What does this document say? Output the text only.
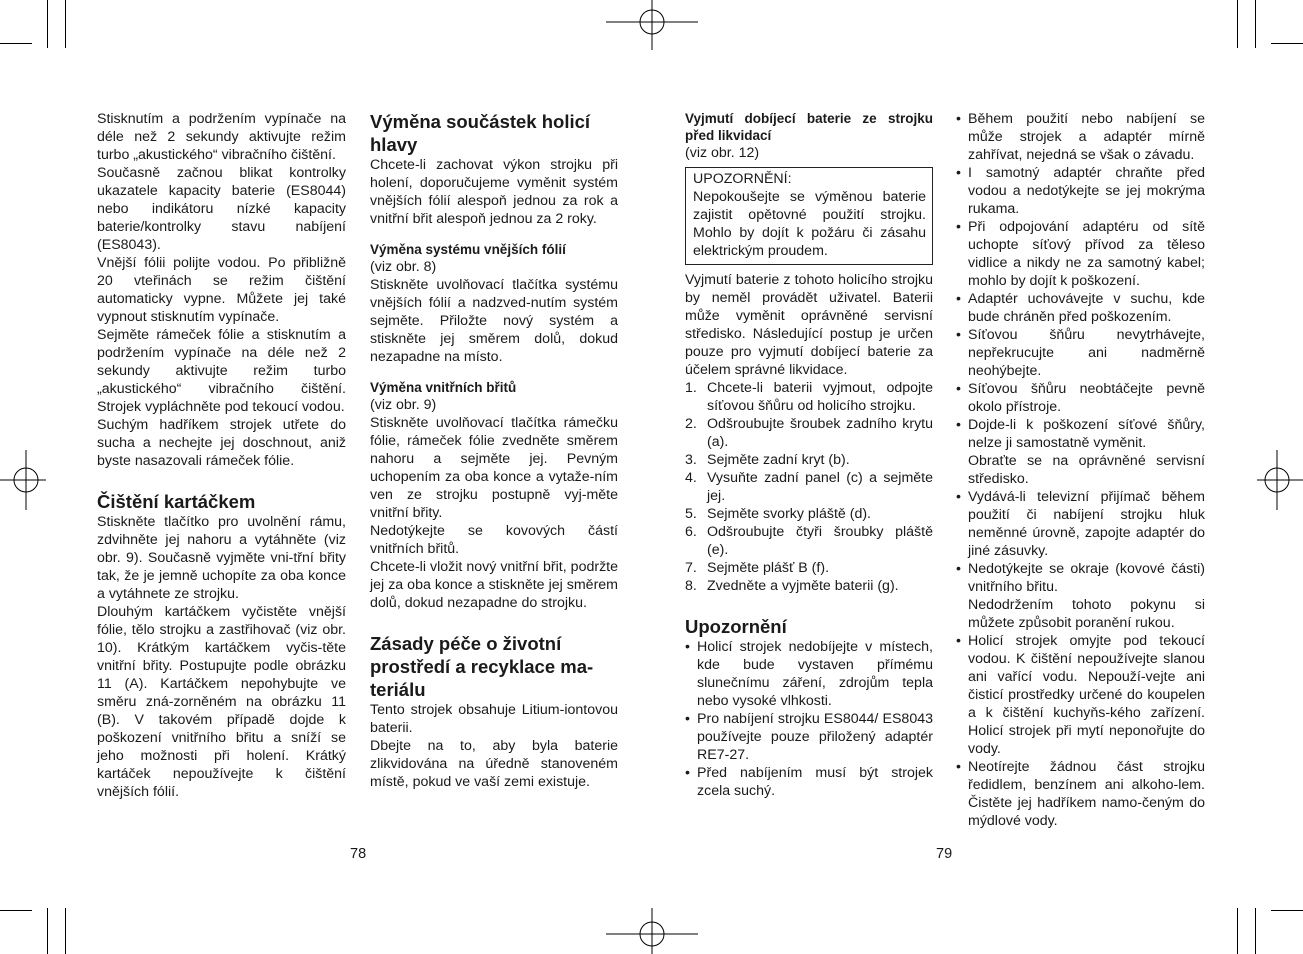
Stisknutím a podržením vypínače na déle než 2 sekundy aktivujte režim turbo „akustického“ vibračního čištění.

Současně začnou blikat kontrolky ukazatele kapacity baterie (ES8044) nebo indikátoru nízké kapacity baterie/kontrolky stavu nabíjení (ES8043).

Vnější fólii polijte vodou. Po přibližně 20 vteřinách se režim čištění automaticky vypne. Můžete jej také vypnout stisknutím vypínače.

Sejměte rámeček fólie a stisknutím a podržením vypínače na déle než 2 sekundy aktivujte režim turbo „akustického“ vibračního čištění. Strojek vypláchněte pod tekoucí vodou.

Suchým hadříkem strojek utřete do sucha a nechejte jej doschnout, aniž byste nasazovali rámeček fólie.

Čištění kartáčkem

Stiskněte tlačítko pro uvolnění rámu, zdvihněte jej nahoru a vytáhněte (viz obr. 9). Současně vyjměte vni-třní břity tak, že je jemně uchopíte za oba konce a vytáhnete ze strojku.

Dlouhým kartáčkem vyčistěte vnější fólie, tělo strojku a zastřihovač (viz obr. 10). Krátkým kartáčkem vyčis-těte vnitřní břity. Postupujte podle obrázku 11 (A). Kartáčkem nepohybujte ve směru zná-zorněném na obrázku 11 (B). V takovém případě dojde k poškození vnitřního břitu a sníží se jeho možnosti při holení. Krátký kartáček nepoužívejte k čištění vnějších fólií.

Výměna součástek holicí hlavy

Chcete-li zachovat výkon strojku při holení, doporučujeme vyměnit systém vnějších fólií alespoň jednou za rok a vnitřní břit alespoň jednou za 2 roky.

Výměna systému vnějších fólií

(viz obr. 8)

Stiskněte uvolňovací tlačítka systému vnějších fólií a nadzved-nutím systém sejměte. Přiložte nový systém a stiskněte jej směrem dolů, dokud nezapadne na místo.

Výměna vnitřních břitů

(viz obr. 9)

Stiskněte uvolňovací tlačítka rámečku fólie, rámeček fólie zvedněte směrem nahoru a sejměte jej. Pevným uchopením za oba konce a vytaže-ním ven ze strojku postupně vyj-měte vnitřní břity.

Nedotýkejte se kovových částí vnitřních břitů.

Chcete-li vložit nový vnitřní břit, podržte jej za oba konce a stiskněte jej směrem dolů, dokud nezapadne do strojku.

Zásady péče o životní prostředí a recyklace ma-teriálu

Tento strojek obsahuje Litium-iontovou baterii.

Dbejte na to, aby byla baterie zlikvidována na úředně stanoveném místě, pokud ve vaší zemi existuje.

78

Vyjmutí dobíjecí baterie ze strojku před likvidací

(viz obr. 12)

UPOZORNĚNÍ:

Nepokoušejte se výměnou baterie zajistit opětovné použití strojku. Mohlo by dojít k požáru či zásahu elektrickým proudem.

Vyjmutí baterie z tohoto holicího strojku by neměl provádět uživatel. Baterii může vyměnit oprávněné servisní středisko. Následující postup je určen pouze pro vyjmutí dobíjecí baterie za účelem správné likvidace.

1. Chcete-li baterii vyjmout, odpojte síťovou šňůru od holicího strojku.
2. Odšroubujte šroubek zadního krytu (a).
3. Sejměte zadní kryt (b).
4. Vysuňte zadní panel (c) a sejměte jej.
5. Sejměte svorky pláště (d).
6. Odšroubujte čtyři šroubky pláště (e).
7. Sejměte plášť B (f).
8. Zvedněte a vyjměte baterii (g).

Upozornění

• Holicí strojek nedobíjejte v místech, kde bude vystaven přímému slunečnímu záření, zdrojům tepla nebo vysoké vlhkosti.
• Pro nabíjení strojku ES8044/ ES8043 používejte pouze přiložený adaptér RE7-27.
• Před nabíjením musí být strojek zcela suchý.
• Během použití nebo nabíjení se může strojek a adaptér mírně zahřívat, nejedná se však o závadu.
• I samotný adaptér chraňte před vodou a nedotýkejte se jej mokrýma rukama.
• Při odpojování adaptéru od sítě uchopte síťový přívod za těleso vidlice a nikdy ne za samotný kabel; mohlo by dojít k poškození.
• Adaptér uchovávejte v suchu, kde bude chráněn před poškozením.
• Síťovou šňůru nevytrhávejte, nepřekrucujte ani nadměrně neohýbejte.
• Síťovou šňůru neobtáčejte pevně okolo přístroje.
• Dojde-li k poškození síťové šňůry, nelze ji samostatně vyměnit.
Obraťte se na oprávněné servisní středisko.
• Vydává-li televizní přijímač během použití či nabíjení strojku hluk neměnné úrovně, zapojte adaptér do jiné zásuvky.
• Nedotýkejte se okraje (kovové části) vnitřního břitu.
Nedodržením tohoto pokynu si můžete způsobit poranění rukou.
• Holicí strojek omyjte pod tekoucí vodou. K čištění nepoužívejte slanou ani vařící vodu. Nepouží-vejte ani čisticí prostředky určené do koupelen a k čištění kuchyňs-kého zařízení. Holicí strojek při mytí neponořujte do vody.
• Neotírejte žádnou část strojku ředidlem, benzínem ani alkoho-lem. Čistěte jej hadříkem namo-čeným do mýdlové vody.
79
